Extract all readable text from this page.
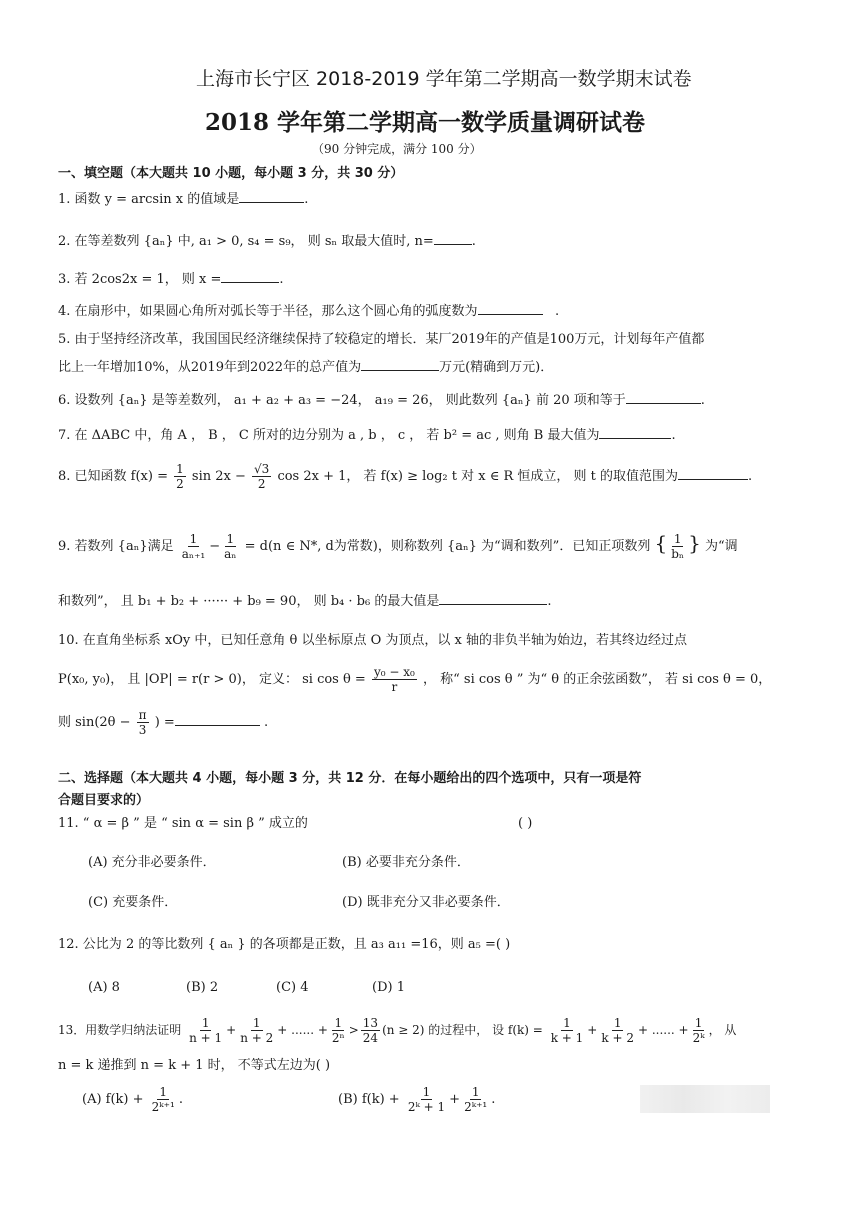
上海市长宁区 2018-2019 学年第二学期高一数学期末试卷
2018 学年第二学期高一数学质量调研试卷
（90 分钟完成，满分 100 分）
一、填空题（本大题共 10 小题，每小题 3 分，共 30 分）
1. 函数 y = arcsin x 的值域是	.
2. 在等差数列 {aₙ} 中, a₁ > 0, s₄ = s₉， 则 sₙ 取最大值时, n=	.
3. 若 2cos2x = 1， 则 x =	.
4. 在扇形中，如果圆心角所对弧长等于半径，那么这个圆心角的弧度数为	.
5. 由于坚持经济改革，我国国民经济继续保持了较稳定的增长．某厂2019年的产值是100万元，计划每年产值都
比上一年增加10%，从2019年到2022年的总产值为	万元(精确到万元)．
6. 设数列 {aₙ} 是等差数列， a₁ + a₂ + a₃ = −24， a₁₉ = 26， 则此数列 {aₙ} 前 20 项和等于	.
7. 在 ΔABC 中，角 A ， B ， C 所对的边分别为 a , b ， c ， 若 b² = ac , 则角 B 最大值为	.
8. 已知函数 $f(x) = \frac{1}{2}$ $\sin 2x - \frac{√3}{2}$ cos 2x + 1， 若 f(x) ≥ log₂ t 对 x ∈ R 恒成立， 则 t 的取值范围为	.
9. 若数列 {aₙ}满足 $\frac{1}{\text{aₙ₊₁}} - \frac{1}{\text{aₙ}} = d(n$ ∈ N*, d为常数)，则称数列 {aₙ} 为“调和数列”．已知正项数列 { $\frac{1}{\text{bₙ}}$ } 为“调
和数列”， 且 b₁ + b₂ + ······ + b₉ = 90， 则 b₄ · b₆ 的最大值是	.
10. 在直角坐标系 xOy 中，已知任意角 θ 以坐标原点 O 为顶点，以 x 轴的非负半轴为始边，若其终边经过点
P(x₀, y₀)， 且 |OP| = r(r > 0)， 定义： si $\cos \theta = \frac{\text{y₀ − x₀}}{r}$ ， 称“ si cos θ ” 为“ θ 的正余弦函数”， 若 si cos θ = 0，
则 $\sin(2\theta - \frac{\pi}{3}$ ) =	.
二、选择题（本大题共 4 小题，每小题 3 分，共 12 分．在每小题给出的四个选项中，只有一项是符
合题目要求的）
11. “ α = β ” 是 “ sin α = sin β ” 成立的	( )
(A) 充分非必要条件．	(B) 必要非充分条件．
(C) 充要条件．	(D) 既非充分又非必要条件．
12. 公比为 2 的等比数列 { aₙ } 的各项都是正数，且 a₃ a₁₁ =16，则 a₅ =( )
(A) 8	(B) 2	(C) 4	(D) 1
13．用数学归纳法证明 $\frac{1}{n + 1} + \frac{1}{n + 2}$ + ...... + $\frac{1}{\text{2ⁿ}} > \frac{13}{24} (n \ge 2)$ 的过程中， 设 $f(k) = \frac{1}{k + 1} + \frac{1}{k + 2}$ + ...... + $\frac{1}{\text{2ᵏ}}$ ， 从
n = k 递推到 n = k + 1 时， 不等式左边为( )
(A) $f(k) + \frac{1}{\text{2ᵏ⁺¹}}$ .	(B) $f(k) + \frac{1}{\text{2ᵏ + 1}} + \frac{1}{\text{2ᵏ⁺¹}}$ .
